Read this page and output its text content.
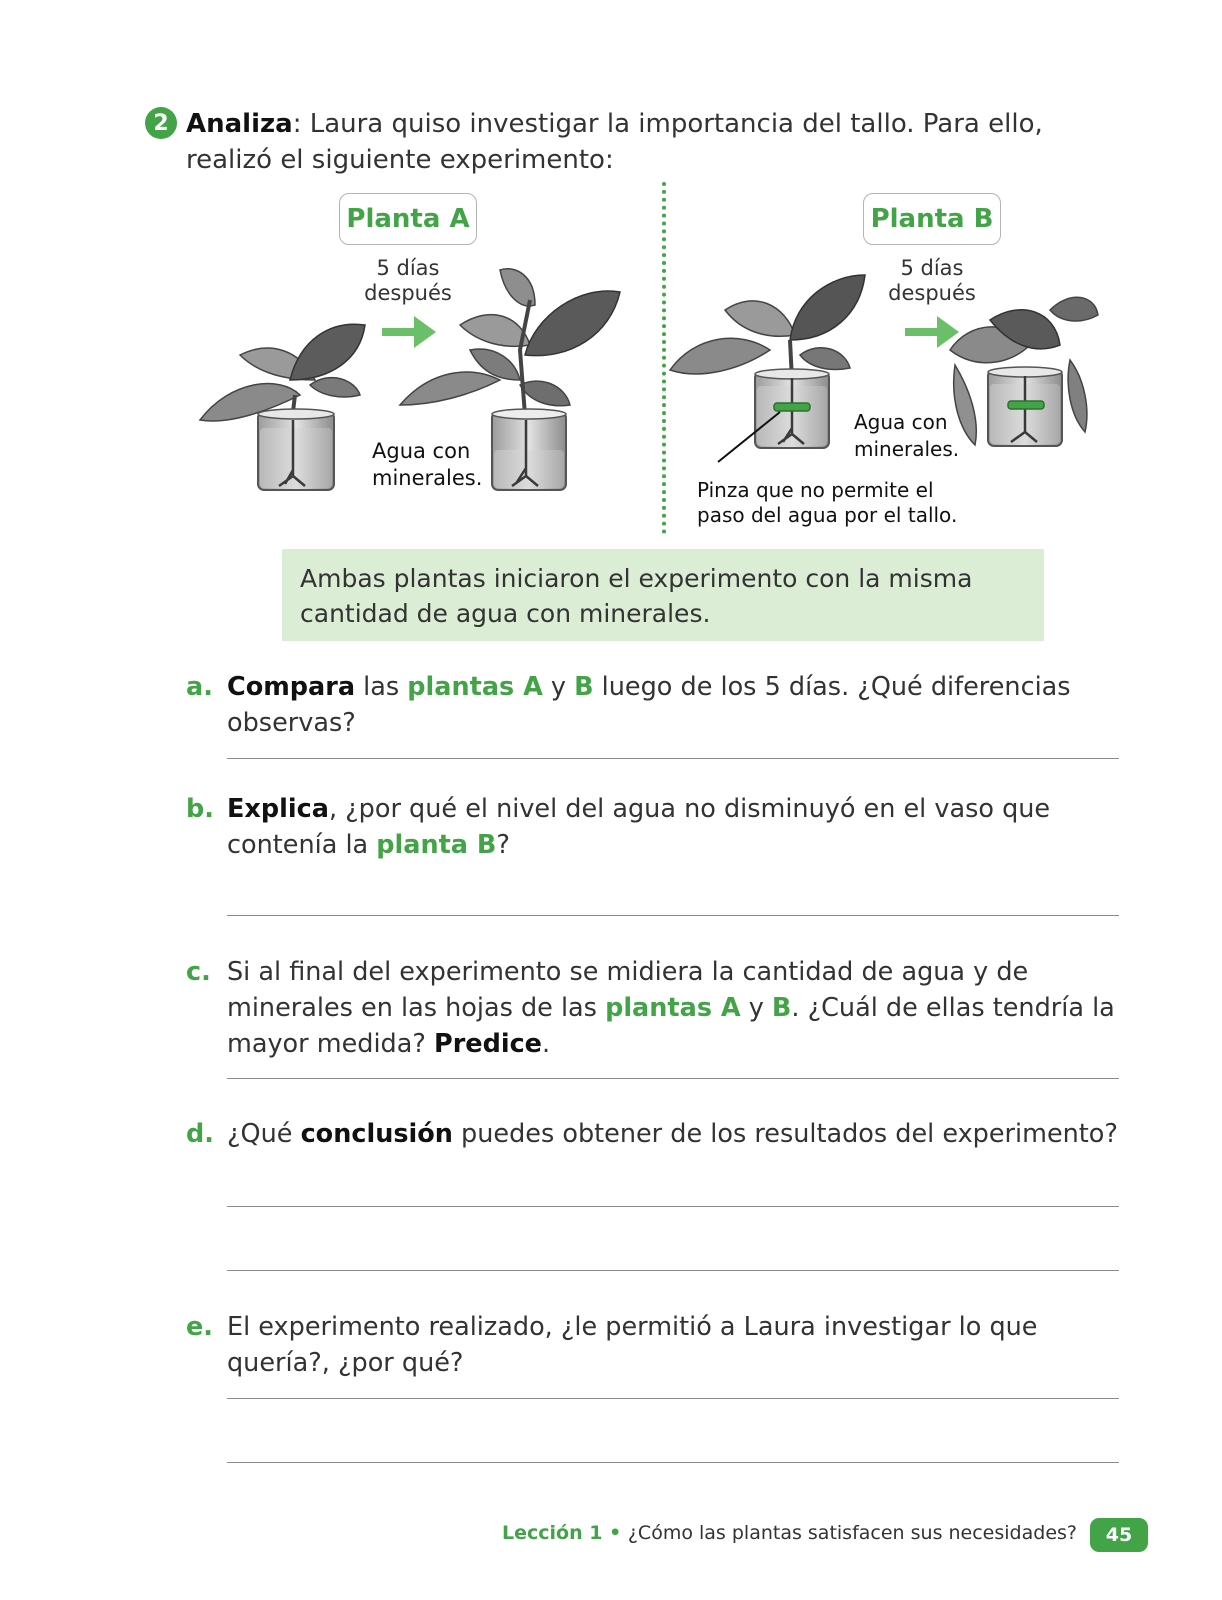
2 Analiza: Laura quiso investigar la importancia del tallo. Para ello, realizó el siguiente experimento:
Planta A
5 días
después
Agua con
minerales.
Planta B
5 días
después
Agua con
minerales.
Pinza que no permite el
paso del agua por el tallo.
Ambas plantas iniciaron el experimento con la misma cantidad de agua con minerales.
a. Compara las plantas A y B luego de los 5 días. ¿Qué diferencias observas?
b. Explica, ¿por qué el nivel del agua no disminuyó en el vaso que contenía la planta B?
c. Si al final del experimento se midiera la cantidad de agua y de minerales en las hojas de las plantas A y B. ¿Cuál de ellas tendría la mayor medida? Predice.
d. ¿Qué conclusión puedes obtener de los resultados del experimento?
e. El experimento realizado, ¿le permitió a Laura investigar lo que quería?, ¿por qué?
Lección 1 • ¿Cómo las plantas satisfacen sus necesidades?	45
